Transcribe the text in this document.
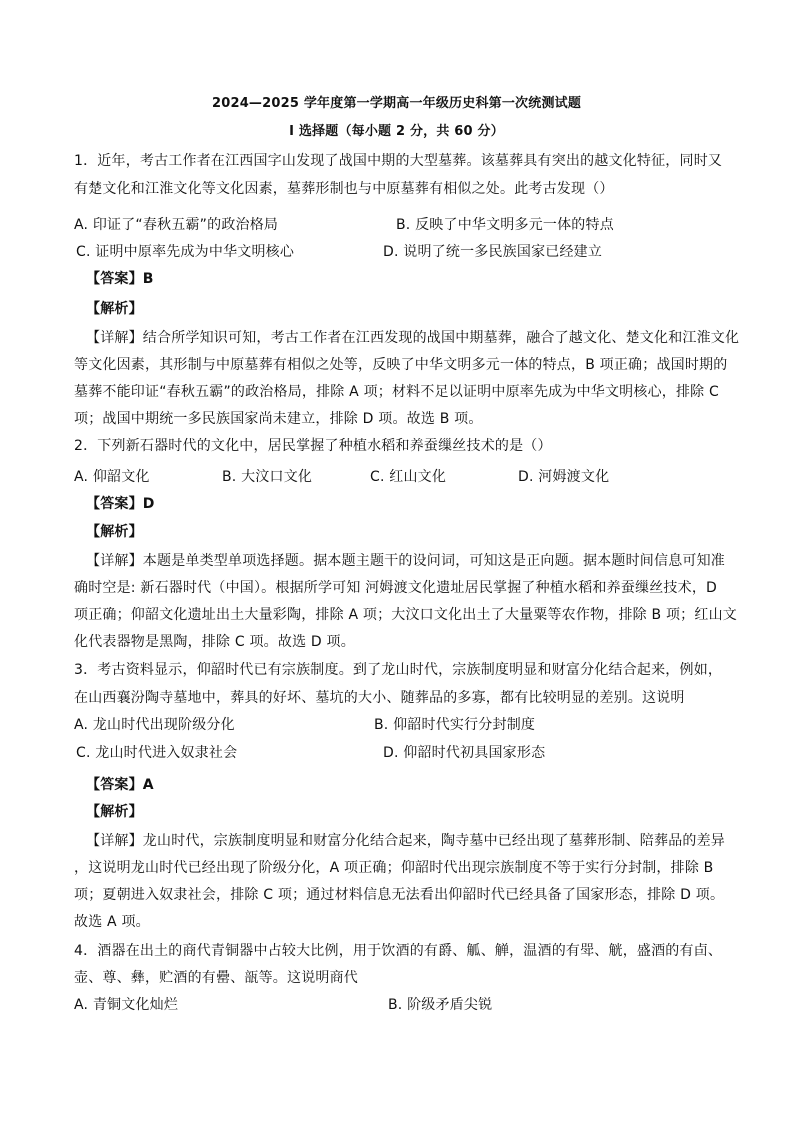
2024—2025 学年度第一学期高一年级历史科第一次统测试题
I 选择题（每小题 2 分，共 60 分）
1．近年，考古工作者在江西国字山发现了战国中期的大型墓葬。该墓葬具有突出的越文化特征，同时又
有楚文化和江淮文化等文化因素，墓葬形制也与中原墓葬有相似之处。此考古发现（）
A. 印证了“春秋五霸”的政治格局	B. 反映了中华文明多元一体的特点
C. 证明中原率先成为中华文明核心	D. 说明了统一多民族国家已经建立
【答案】B
【解析】
【详解】结合所学知识可知，考古工作者在江西发现的战国中期墓葬，融合了越文化、楚文化和江淮文化
等文化因素，其形制与中原墓葬有相似之处等，反映了中华文明多元一体的特点，B 项正确；战国时期的
墓葬不能印证“春秋五霸”的政治格局，排除 A 项；材料不足以证明中原率先成为中华文明核心，排除 C
项；战国中期统一多民族国家尚未建立，排除 D 项。故选 B 项。
2．下列新石器时代的文化中，居民掌握了种植水稻和养蚕缫丝技术的是（）
A. 仰韶文化	B. 大汶口文化	C. 红山文化	D. 河姆渡文化
【答案】D
【解析】
【详解】本题是单类型单项选择题。据本题主题干的设问词，可知这是正向题。据本题时间信息可知准
确时空是: 新石器时代（中国）。根据所学可知 河姆渡文化遗址居民掌握了种植水稻和养蚕缫丝技术，D
项正确；仰韶文化遗址出土大量彩陶，排除 A 项；大汶口文化出土了大量粟等农作物，排除 B 项；红山文
化代表器物是黑陶，排除 C 项。故选 D 项。
3．考古资料显示，仰韶时代已有宗族制度。到了龙山时代，宗族制度明显和财富分化结合起来，例如，
在山西襄汾陶寺墓地中，葬具的好坏、墓坑的大小、随葬品的多寡，都有比较明显的差别。这说明
A. 龙山时代出现阶级分化	B. 仰韶时代实行分封制度
C. 龙山时代进入奴隶社会	D. 仰韶时代初具国家形态
【答案】A
【解析】
【详解】龙山时代，宗族制度明显和财富分化结合起来，陶寺墓中已经出现了墓葬形制、陪葬品的差异
，这说明龙山时代已经出现了阶级分化，A 项正确；仰韶时代出现宗族制度不等于实行分封制，排除 B
项；夏朝进入奴隶社会，排除 C 项；通过材料信息无法看出仰韶时代已经具备了国家形态，排除 D 项。
故选 A 项。
4．酒器在出土的商代青铜器中占较大比例，用于饮酒的有爵、觚、觯，温酒的有斝、觥，盛酒的有卣、
壶、尊、彝，贮酒的有罍、瓿等。这说明商代
A. 青铜文化灿烂	B. 阶级矛盾尖锐
